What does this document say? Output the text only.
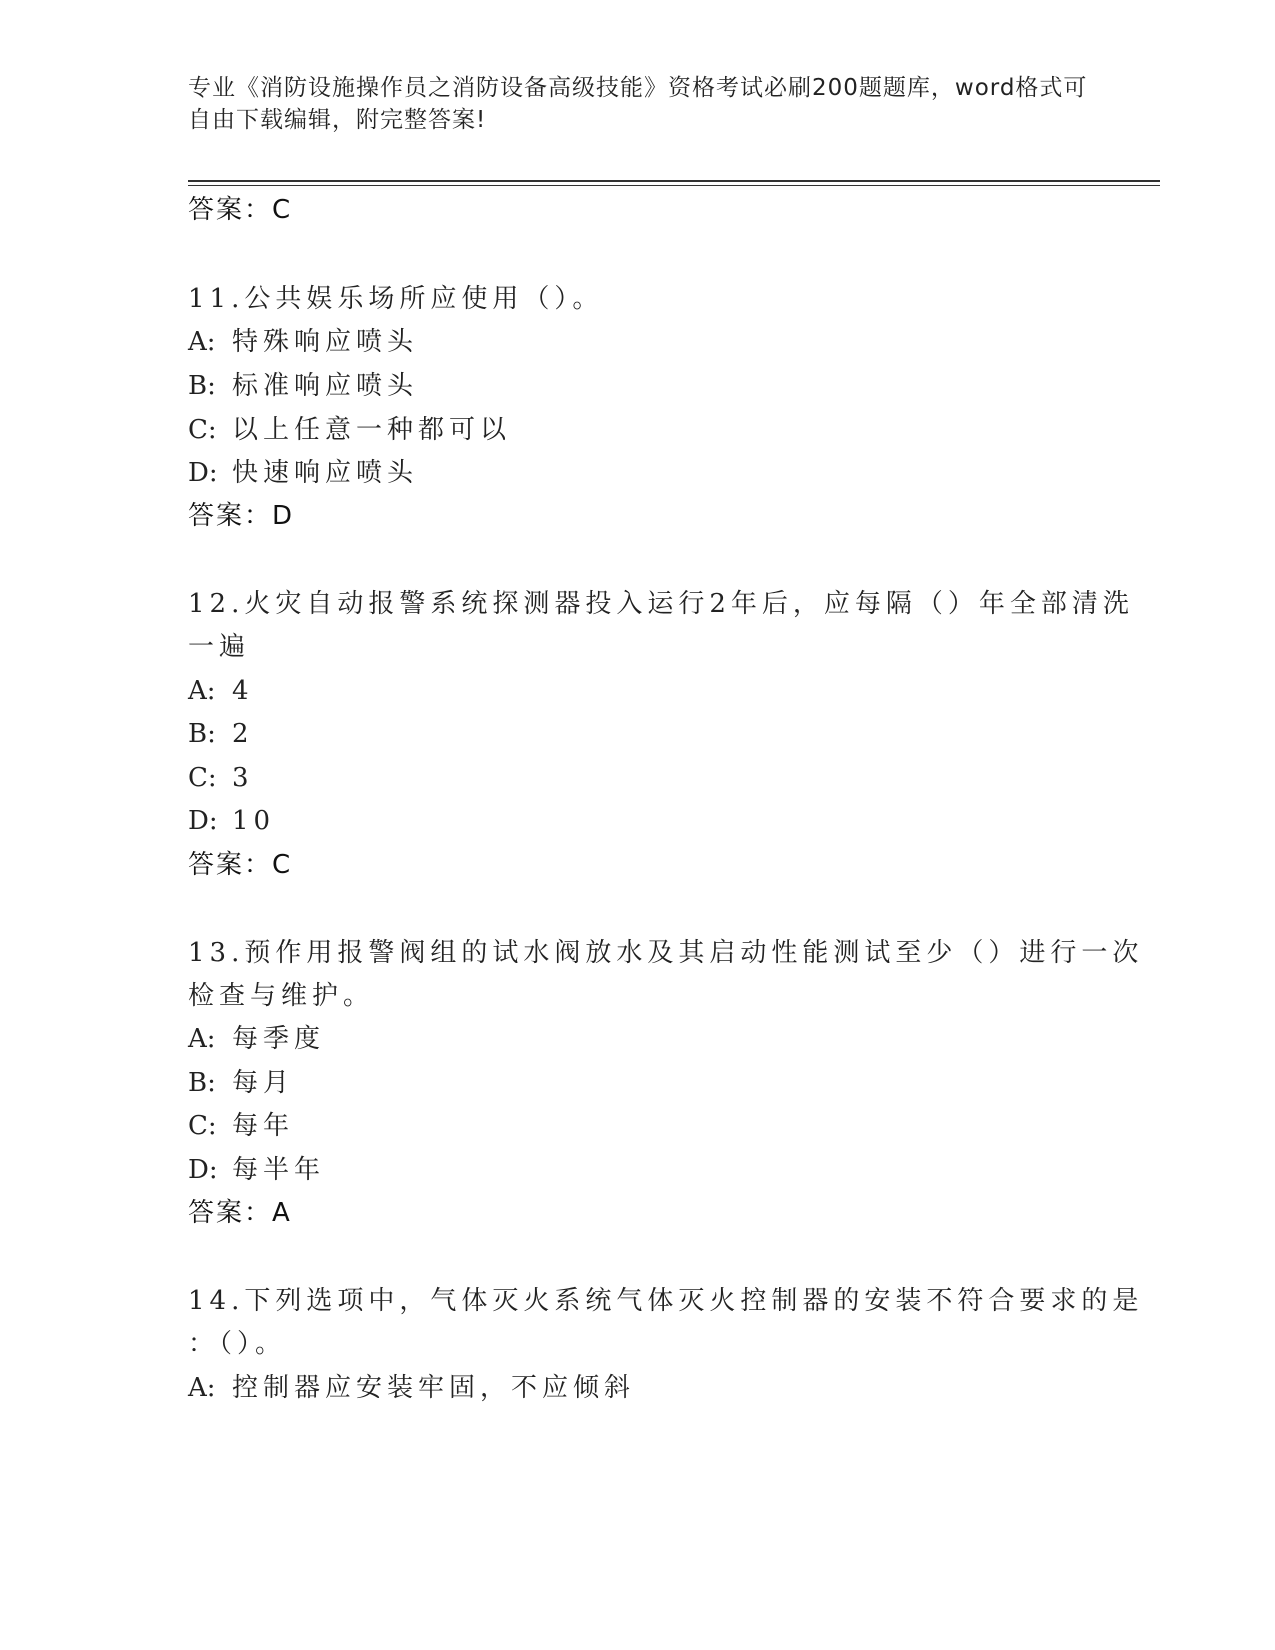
专业《消防设施操作员之消防设备高级技能》资格考试必刷200题题库，word格式可自由下载编辑，附完整答案!
答案：C
11.公共娱乐场所应使用（）。
A: 特殊响应喷头
B: 标准响应喷头
C: 以上任意一种都可以
D: 快速响应喷头
答案：D
12.火灾自动报警系统探测器投入运行2年后，应每隔（）年全部清洗
一遍
A: 4
B: 2
C: 3
D: 10
答案：C
13.预作用报警阀组的试水阀放水及其启动性能测试至少（）进行一次
检查与维护。
A: 每季度
B: 每月
C: 每年
D: 每半年
答案：A
14.下列选项中，气体灭火系统气体灭火控制器的安装不符合要求的是
：（）。
A: 控制器应安装牢固，不应倾斜
